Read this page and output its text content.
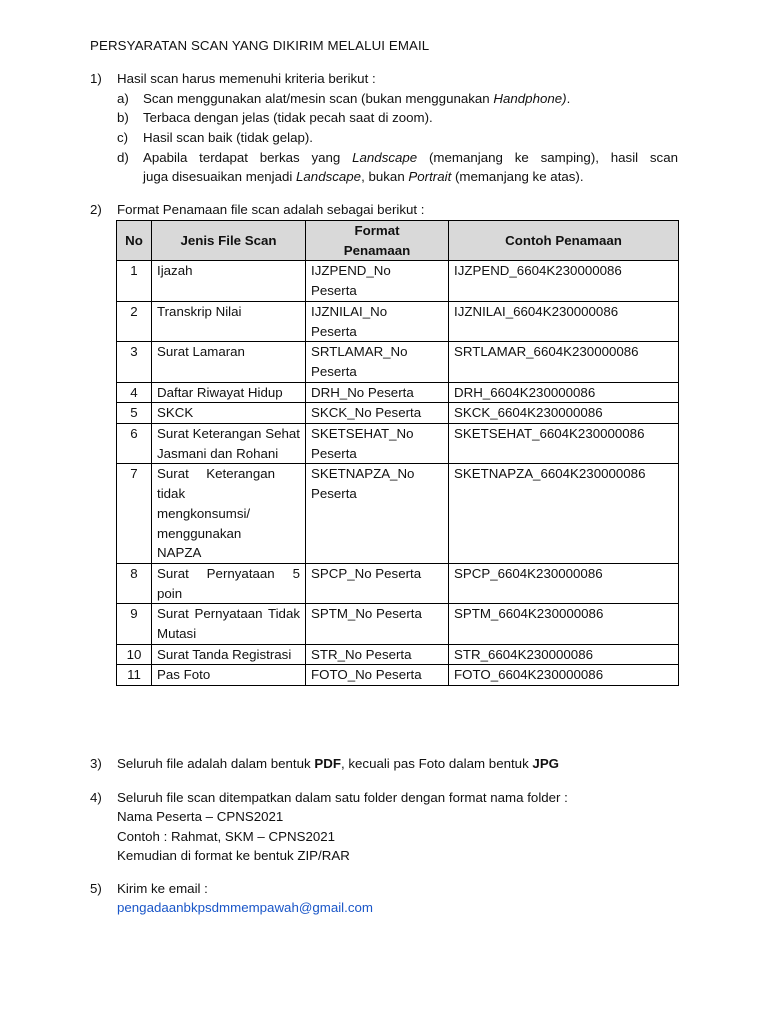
PERSYARATAN SCAN YANG DIKIRIM MELALUI EMAIL
1) Hasil scan harus memenuhi kriteria berikut :
a) Scan menggunakan alat/mesin scan (bukan menggunakan Handphone).
b) Terbaca dengan jelas (tidak pecah saat di zoom).
c) Hasil scan baik (tidak gelap).
d) Apabila terdapat berkas yang Landscape (memanjang ke samping), hasil scan
juga disesuaikan menjadi Landscape, bukan Portrait (memanjang ke atas).
2) Format Penamaan file scan adalah sebagai berikut :
No	Jenis File Scan	Format Penamaan	Contoh Penamaan
1	Ijazah	IJZPEND_No Peserta	IJZPEND_6604K230000086
2	Transkrip Nilai	IJZNILAI_No Peserta	IJZNILAI_6604K230000086
3	Surat Lamaran	SRTLAMAR_No Peserta	SRTLAMAR_6604K230000086
4	Daftar Riwayat Hidup	DRH_No Peserta	DRH_6604K230000086
5	SKCK	SKCK_No Peserta	SKCK_6604K230000086
6	Surat Keterangan Sehat Jasmani dan Rohani	SKETSEHAT_No Peserta	SKETSEHAT_6604K230000086
7	Surat Keterangan tidak mengkonsumsi/ menggunakan NAPZA	SKETNAPZA_No Peserta	SKETNAPZA_6604K230000086
8	Surat Pernyataan 5 poin	SPCP_No Peserta	SPCP_6604K230000086
9	Surat Pernyataan Tidak Mutasi	SPTM_No Peserta	SPTM_6604K230000086
10	Surat Tanda Registrasi	STR_No Peserta	STR_6604K230000086
11	Pas Foto	FOTO_No Peserta	FOTO_6604K230000086
3) Seluruh file adalah dalam bentuk PDF, kecuali pas Foto dalam bentuk JPG
4) Seluruh file scan ditempatkan dalam satu folder dengan format nama folder :
Nama Peserta – CPNS2021
Contoh : Rahmat, SKM – CPNS2021
Kemudian di format ke bentuk ZIP/RAR
5) Kirim ke email :
pengadaanbkpsdmmempawah@gmail.com
